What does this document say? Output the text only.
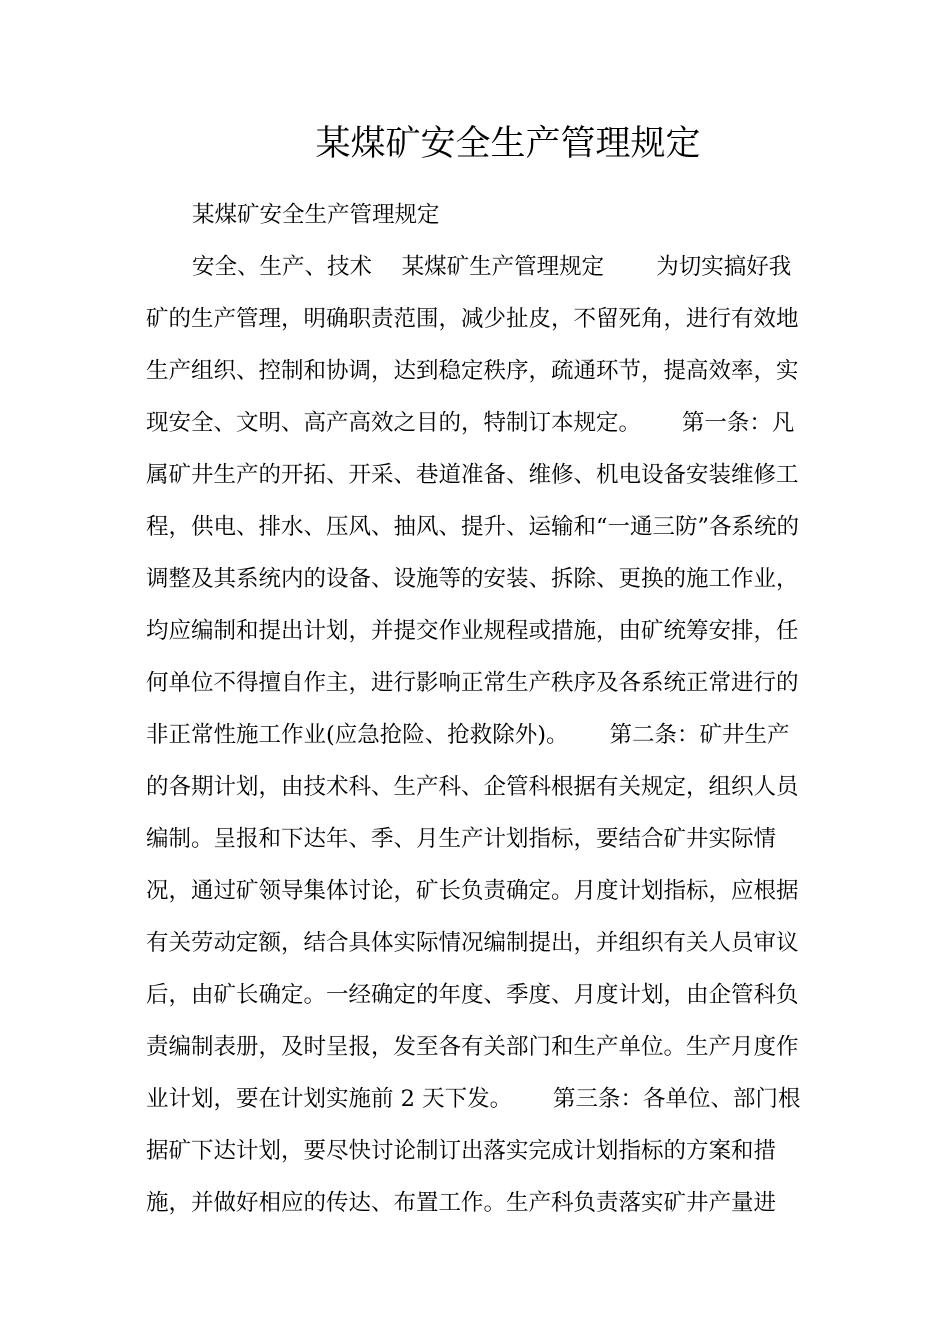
某煤矿安全生产管理规定

某煤矿安全生产管理规定

安全、生产、技术　 某煤矿生产管理规定　　 为切实搞好我

矿的生产管理，明确职责范围，减少扯皮，不留死角，进行有效地

生产组织、控制和协调，达到稳定秩序，疏通环节，提高效率，实

现安全、文明、高产高效之目的，特制订本规定。　　 第一条：凡

属矿井生产的开拓、开采、巷道准备、维修、机电设备安装维修工

程，供电、排水、压风、抽风、提升、运输和“一通三防”各系统的

调整及其系统内的设备、设施等的安装、拆除、更换的施工作业，

均应编制和提出计划，并提交作业规程或措施，由矿统筹安排，任

何单位不得擅自作主，进行影响正常生产秩序及各系统正常进行的

非正常性施工作业(应急抢险、抢救除外)。　　 第二条：矿井生产

的各期计划，由技术科、生产科、企管科根据有关规定，组织人员

编制。呈报和下达年、季、月生产计划指标，要结合矿井实际情

况，通过矿领导集体讨论，矿长负责确定。月度计划指标，应根据

有关劳动定额，结合具体实际情况编制提出，并组织有关人员审议

后，由矿长确定。一经确定的年度、季度、月度计划，由企管科负

责编制表册，及时呈报，发至各有关部门和生产单位。生产月度作

业计划，要在计划实施前 2 天下发。　　 第三条：各单位、部门根

据矿下达计划，要尽快讨论制订出落实完成计划指标的方案和措

施，并做好相应的传达、布置工作。生产科负责落实矿井产量进
